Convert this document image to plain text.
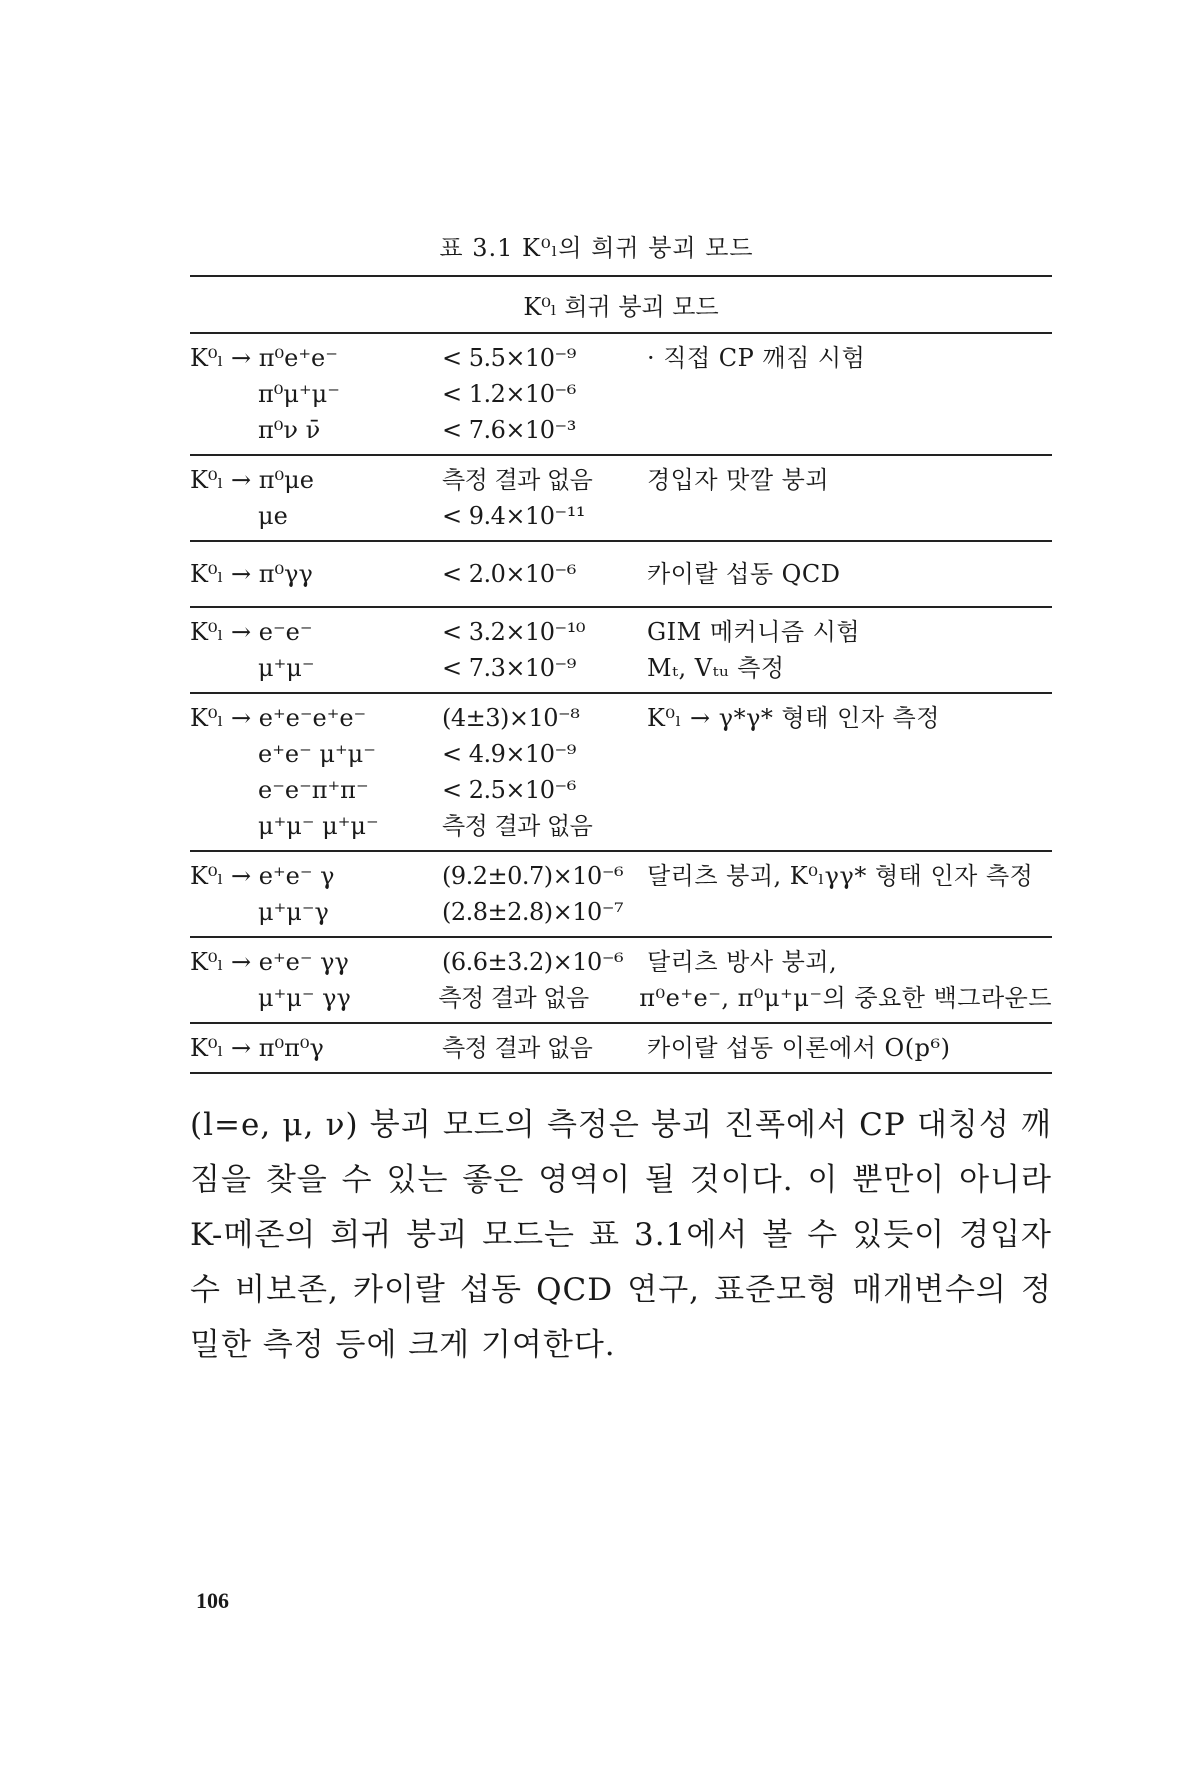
표 3.1 K⁰ₗ의 희귀 붕괴 모드
K⁰ₗ 희귀 붕괴 모드
K⁰ₗ → π⁰e⁺e⁻	< 5.5×10⁻⁹	· 직접 CP 깨짐 시험
π⁰μ⁺μ⁻	< 1.2×10⁻⁶
π⁰ν ν̄	< 7.6×10⁻³
K⁰ₗ → π⁰μe	측정 결과 없음	경입자 맛깔 붕괴
μe	< 9.4×10⁻¹¹
K⁰ₗ → π⁰γγ	< 2.0×10⁻⁶	카이랄 섭동 QCD
K⁰ₗ → e⁻e⁻	< 3.2×10⁻¹⁰	GIM 메커니즘 시험
μ⁺μ⁻	< 7.3×10⁻⁹	Mₜ, Vₜᵤ 측정
K⁰ₗ → e⁺e⁻e⁺e⁻	(4±3)×10⁻⁸	K⁰ₗ → γ*γ* 형태 인자 측정
e⁺e⁻ μ⁺μ⁻	< 4.9×10⁻⁹
e⁻e⁻π⁺π⁻	< 2.5×10⁻⁶
μ⁺μ⁻ μ⁺μ⁻	측정 결과 없음
K⁰ₗ → e⁺e⁻ γ	(9.2±0.7)×10⁻⁶ 달리츠 붕괴, K⁰ₗγγ* 형태 인자 측정
μ⁺μ⁻γ	(2.8±2.8)×10⁻⁷
K⁰ₗ → e⁺e⁻ γγ	(6.6±3.2)×10⁻⁶ 달리츠 방사 붕괴,
μ⁺μ⁻ γγ	측정 결과 없음	π⁰e⁺e⁻, π⁰μ⁺μ⁻의 중요한 백그라운드
K⁰ₗ → π⁰π⁰γ	측정 결과 없음	카이랄 섭동 이론에서 O(p⁶)
(l=e, μ, ν) 붕괴 모드의 측정은 붕괴 진폭에서 CP 대칭성 깨짐을 찾을 수 있는 좋은 영역이 될 것이다. 이 뿐만이 아니라 K-메존의 희귀 붕괴 모드는 표 3.1에서 볼 수 있듯이 경입자수 비보존, 카이랄 섭동 QCD 연구, 표준모형 매개변수의 정밀한 측정 등에 크게 기여한다.
106
